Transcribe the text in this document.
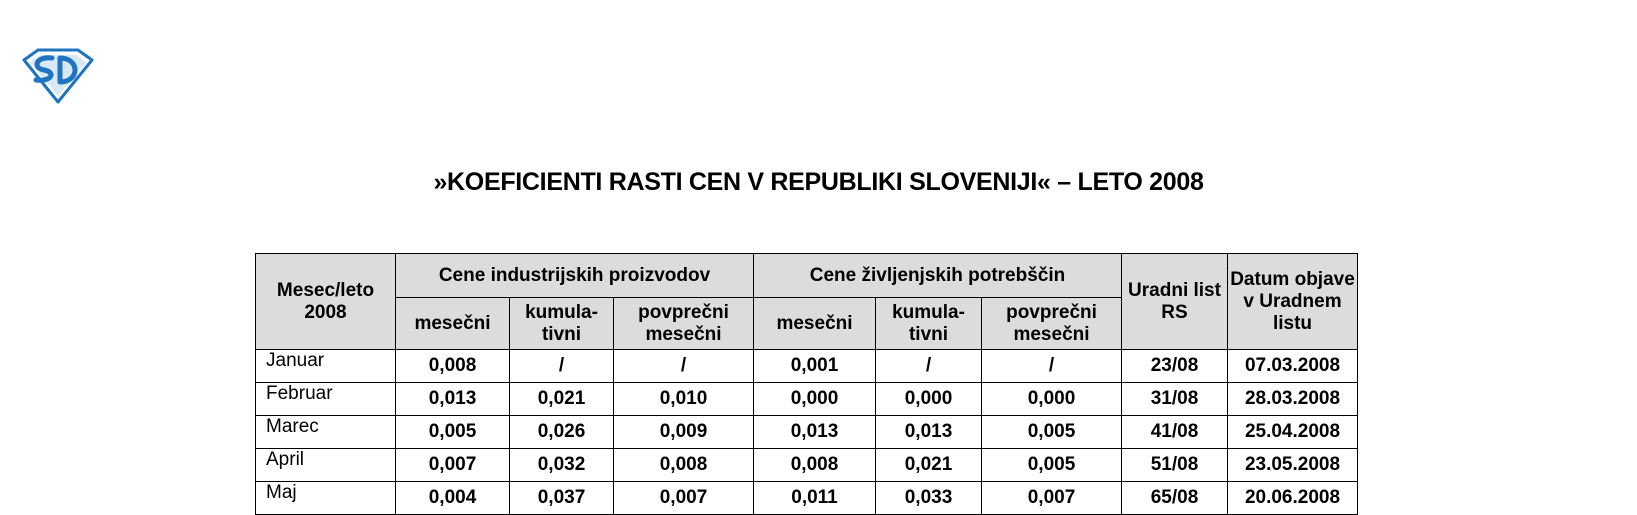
»KOEFICIENTI RASTI CEN V REPUBLIKI SLOVENIJI« – LETO 2008
Mesec/leto 2008	Cene industrijskih proizvodov			Cene življenjskih potrebščin			Uradni list RS	Datum objave v Uradnem listu
	mesečni	kumula-tivni	povprečni mesečni	mesečni	kumula-tivni	povprečni mesečni		
Januar	0,008	/	/	0,001	/	/	23/08	07.03.2008
Februar	0,013	0,021	0,010	0,000	0,000	0,000	31/08	28.03.2008
Marec	0,005	0,026	0,009	0,013	0,013	0,005	41/08	25.04.2008
April	0,007	0,032	0,008	0,008	0,021	0,005	51/08	23.05.2008
Maj	0,004	0,037	0,007	0,011	0,033	0,007	65/08	20.06.2008
